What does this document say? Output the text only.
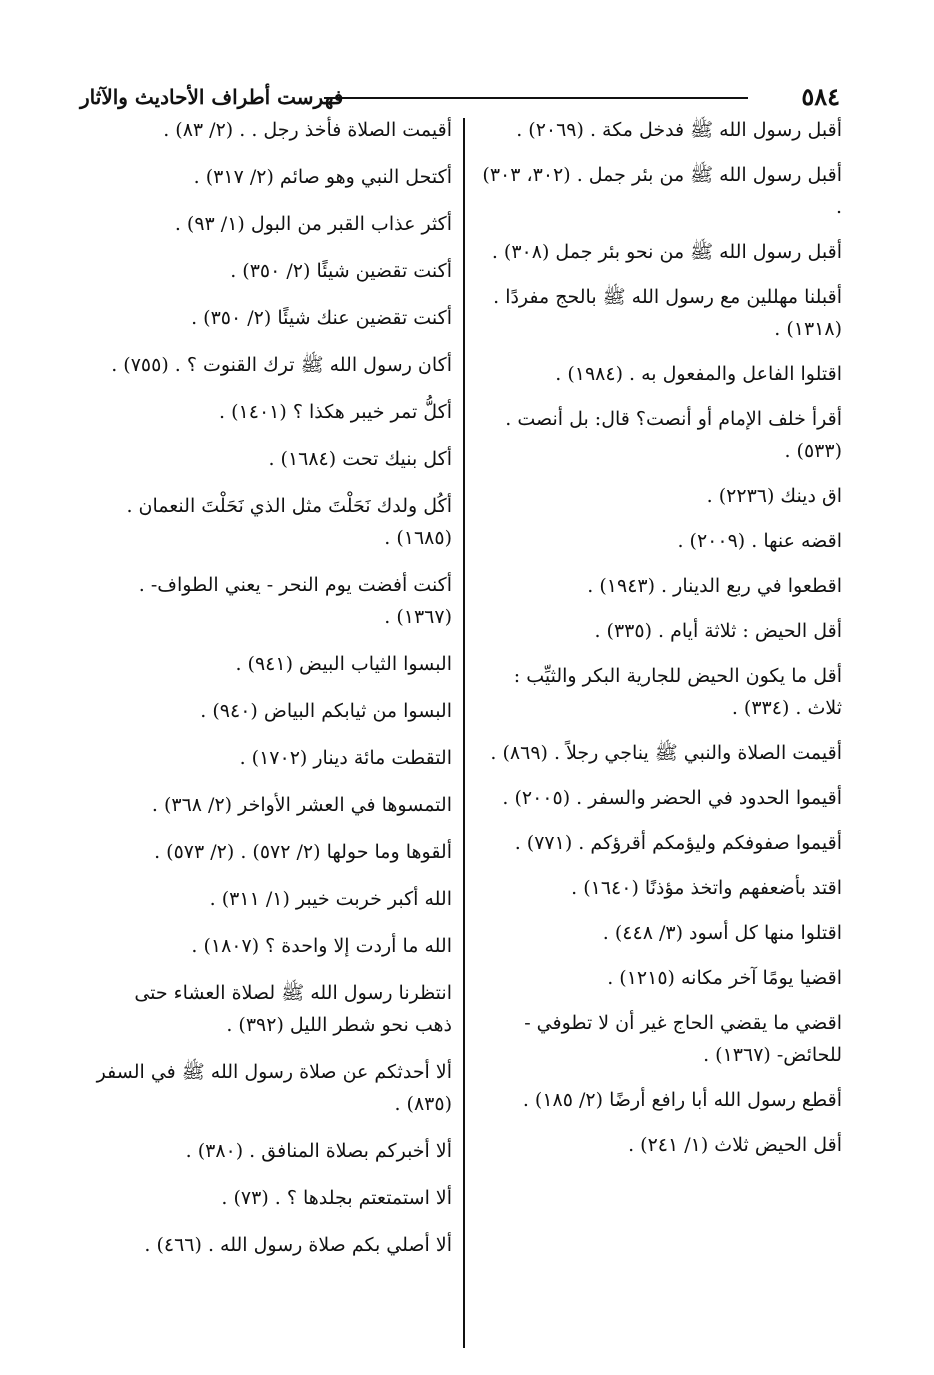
٥٨٤
فهرست أطراف الأحاديث والآثار

أقبل رسول الله ﷺ فدخل مكة . (٢٠٦٩) .

أقبل رسول الله ﷺ من بئر جمل . (٣٠٢، ٣٠٣) .

أقبل رسول الله ﷺ من نحو بئر جمل (٣٠٨) .

أقبلنا مهللين مع رسول الله ﷺ بالحج مفردًا . (١٣١٨) .

اقتلوا الفاعل والمفعول به . (١٩٨٤) .

أقرأ خلف الإمام أو أنصت؟ قال: بل أنصت . (٥٣٣) .

اق دينك (٢٢٣٦) .

اقضه عنها . (٢٠٠٩) .

اقطعوا في ربع الدينار . (١٩٤٣) .

أقل الحيض : ثلاثة أيام . (٣٣٥) .

أقل ما يكون الحيض للجارية البكر والثيِّب : ثلاث . (٣٣٤) .

أقيمت الصلاة والنبي ﷺ يناجي رجلاً . (٨٦٩) .

أقيموا الحدود في الحضر والسفر . (٢٠٠٥) .

أقيموا صفوفكم وليؤمكم أقرؤكم . (٧٧١) .

اقتد بأضعفهم واتخذ مؤذنًا (١٦٤٠) .

اقتلوا منها كل أسود (٣/ ٤٤٨) .

اقضيا يومًا آخر مكانه (١٢١٥) .

اقضي ما يقضي الحاج غير أن لا تطوفي - للحائض- (١٣٦٧) .

أقطع رسول الله أبا رافع أرضًا (٢/ ١٨٥) .

أقل الحيض ثلاث (١/ ٢٤١) .

أقيمت الصلاة فأخذ رجل . . (٢/ ٨٣) .

أكتحل النبي وهو صائم (٢/ ٣١٧) .

أكثر عذاب القبر من البول (١/ ٩٣) .

أكنت تقضين شيئًا (٢/ ٣٥٠) .

أكنت تقضين عنك شيئًا (٢/ ٣٥٠) .

أكان رسول الله ﷺ ترك القنوت ؟ . (٧٥٥) .

أكلُّ تمر خيبر هكذا ؟ (١٤٠١) .

أكل بنيك تحت (١٦٨٤) .

أكُل ولدك نَحَلْتَ مثل الذي نَحَلْتَ النعمان . (١٦٨٥) .

أكنت أفضت يوم النحر - يعني الطواف- . (١٣٦٧) .

البسوا الثياب البيض (٩٤١) .

البسوا من ثيابكم البياض (٩٤٠) .

التقطت مائة دينار (١٧٠٢) .

التمسوها في العشر الأواخر (٢/ ٣٦٨) .

ألقوها وما حولها (٢/ ٥٧٢) . (٢/ ٥٧٣) .

الله أكبر خربت خيبر (١/ ٣١١) .

الله ما أردت إلا واحدة ؟ (١٨٠٧) .

انتظرنا رسول الله ﷺ لصلاة العشاء حتى ذهب نحو شطر الليل (٣٩٢) .

ألا أحدثكم عن صلاة رسول الله ﷺ في السفر (٨٣٥) .

ألا أخبركم بصلاة المنافق . (٣٨٠) .

ألا استمتعتم بجلدها ؟ . (٧٣) .

ألا أصلي بكم صلاة رسول الله . (٤٦٦) .
